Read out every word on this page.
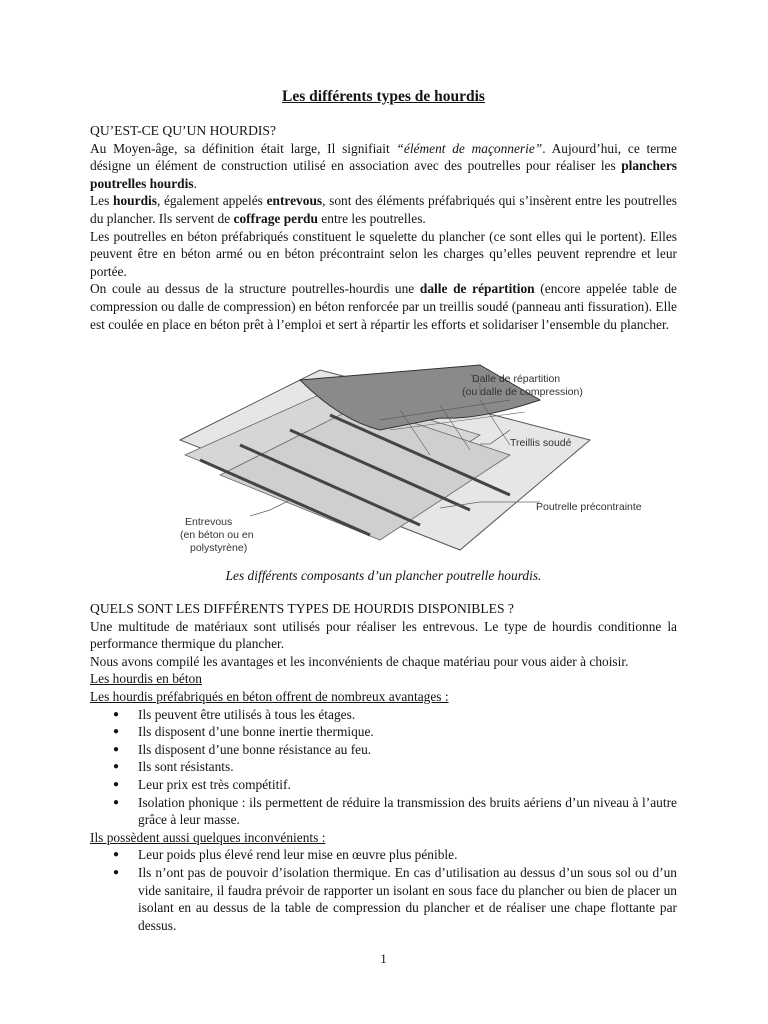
Les différents types de hourdis

QU’EST-CE QU’UN HOURDIS?

Au Moyen-âge, sa définition était large, Il signifiait “élément de maçonnerie”. Aujourd’hui, ce terme désigne un élément de construction utilisé en association avec des poutrelles pour réaliser les planchers poutrelles hourdis.

Les hourdis, également appelés entrevous, sont des éléments préfabriqués qui s’insèrent entre les poutrelles du plancher. Ils servent de coffrage perdu entre les poutrelles.

Les poutrelles en béton préfabriqués constituent le squelette du plancher (ce sont elles qui le portent). Elles peuvent être en béton armé ou en béton précontraint selon les charges qu’elles peuvent reprendre et leur portée.

On coule au dessus de la structure poutrelles-hourdis une dalle de répartition (encore appelée table de compression ou dalle de compression) en béton renforcée par un treillis soudé (panneau anti fissuration). Elle est coulée en place en béton prêt à l’emploi et sert à répartir les efforts et solidariser l’ensemble du plancher.

Dalle de répartition
(ou dalle de compression)
Treillis soudé
Poutrelle précontrainte
Entrevous
(en béton ou en
polystyrène)
Les différents composants d’un plancher poutrelle hourdis.

QUELS SONT LES DIFFÉRENTS TYPES DE HOURDIS DISPONIBLES ?

Une multitude de matériaux sont utilisés pour réaliser les entrevous. Le type de hourdis conditionne la performance thermique du plancher.

Nous avons compilé les avantages et les inconvénients de chaque matériau pour vous aider à choisir.

Les hourdis en béton

Les hourdis préfabriqués en béton offrent de nombreux avantages :

● Ils peuvent être utilisés à tous les étages.
● Ils disposent d’une bonne inertie thermique.
● Ils disposent d’une bonne résistance au feu.
● Ils sont résistants.
● Leur prix est très compétitif.
● Isolation phonique : ils permettent de réduire la transmission des bruits aériens d’un niveau à l’autre grâce à leur masse.

Ils possèdent aussi quelques inconvénients :

● Leur poids plus élevé rend leur mise en œuvre plus pénible.
● Ils n’ont pas de pouvoir d’isolation thermique. En cas d’utilisation au dessus d’un sous sol ou d’un vide sanitaire, il faudra prévoir de rapporter un isolant en sous face du plancher ou bien de placer un isolant en au dessus de la table de compression du plancher et de réaliser une chape flottante par dessus.
1
